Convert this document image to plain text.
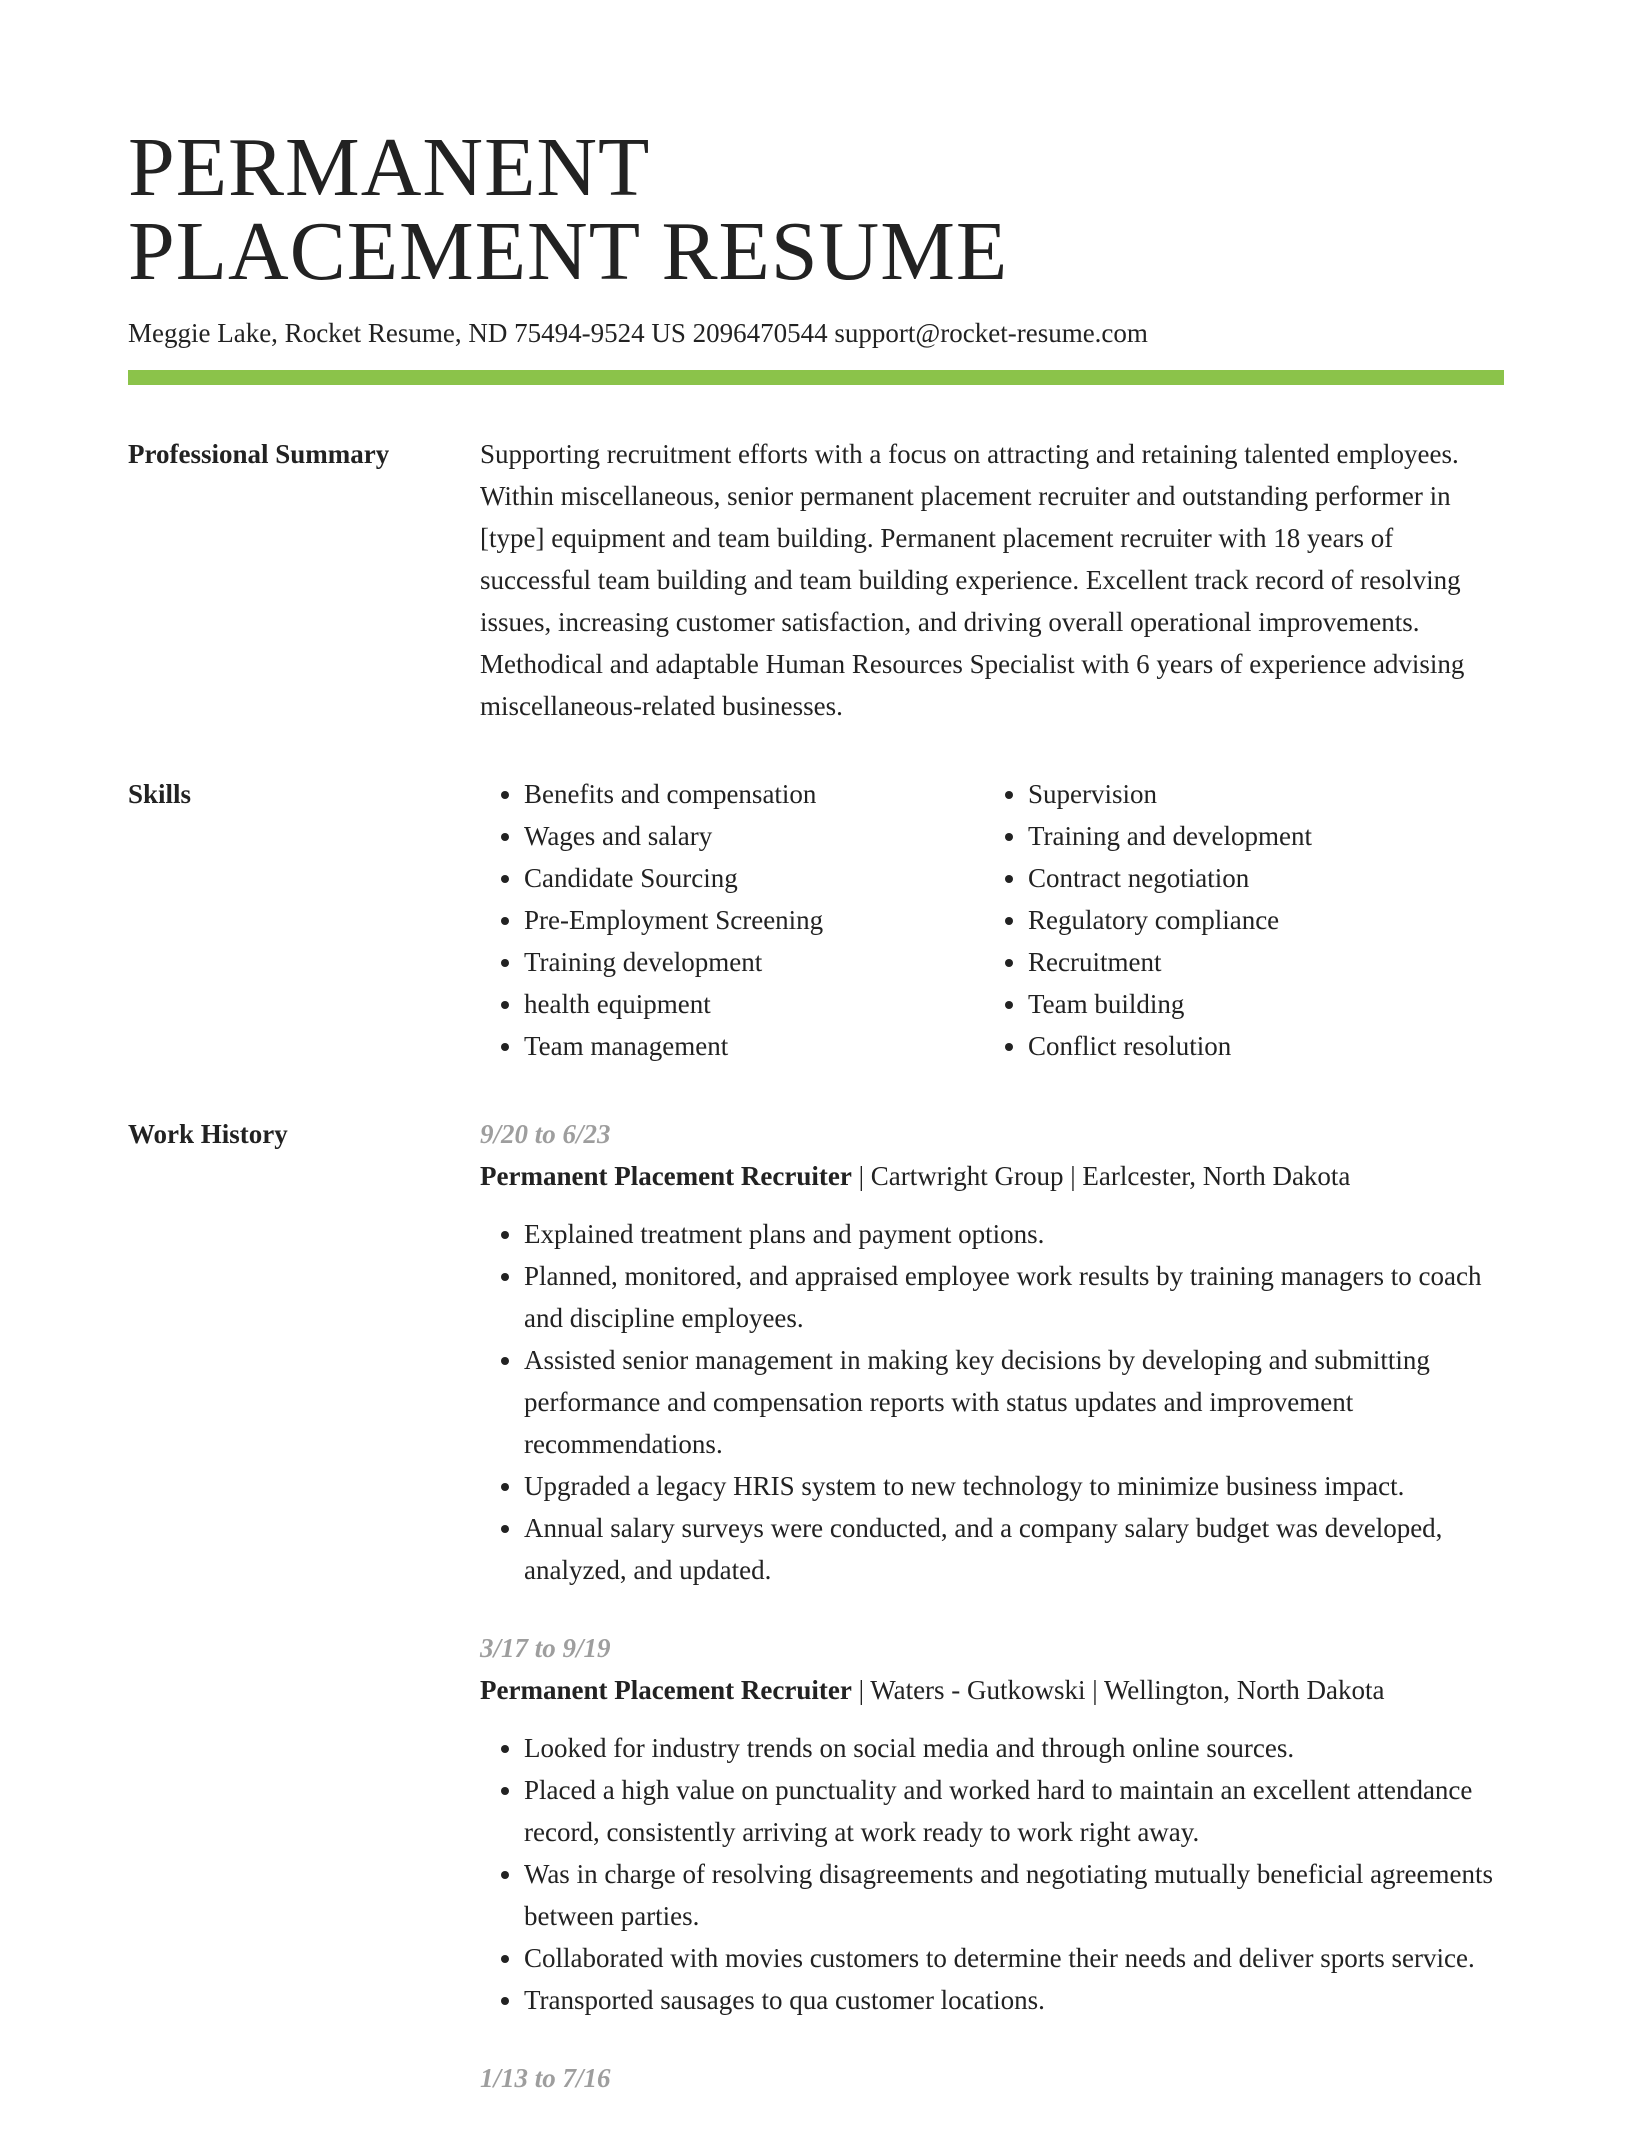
PERMANENT
PLACEMENT RESUME
Meggie Lake, Rocket Resume, ND 75494-9524 US 2096470544 support@rocket-resume.com
Professional Summary	Supporting recruitment efforts with a focus on attracting and retaining talented employees. Within miscellaneous, senior permanent placement recruiter and outstanding performer in [type] equipment and team building. Permanent placement recruiter with 18 years of successful team building and team building experience. Excellent track record of resolving issues, increasing customer satisfaction, and driving overall operational improvements. Methodical and adaptable Human Resources Specialist with 6 years of experience advising miscellaneous-related businesses.

Skills
•	Benefits and compensation
• Wages and salary
• Candidate Sourcing
• Pre-Employment Screening
• Training development
• health equipment
• Team management
• Supervision
• Training and development
• Contract negotiation
• Regulatory compliance
• Recruitment
• Team building
• Conflict resolution
Work History	9/20 to 6/23
Permanent Placement Recruiter | Cartwright Group | Earlcester, North Dakota
• Explained treatment plans and payment options.
• Planned, monitored, and appraised employee work results by training managers to coach and discipline employees.
• Assisted senior management in making key decisions by developing and submitting performance and compensation reports with status updates and improvement recommendations.
• Upgraded a legacy HRIS system to new technology to minimize business impact.
• Annual salary surveys were conducted, and a company salary budget was developed, analyzed, and updated.
3/17 to 9/19
Permanent Placement Recruiter | Waters - Gutkowski | Wellington, North Dakota
• Looked for industry trends on social media and through online sources.
• Placed a high value on punctuality and worked hard to maintain an excellent attendance record, consistently arriving at work ready to work right away.
• Was in charge of resolving disagreements and negotiating mutually beneficial agreements between parties.
• Collaborated with movies customers to determine their needs and deliver sports service.
• Transported sausages to qua customer locations.
1/13 to 7/16
